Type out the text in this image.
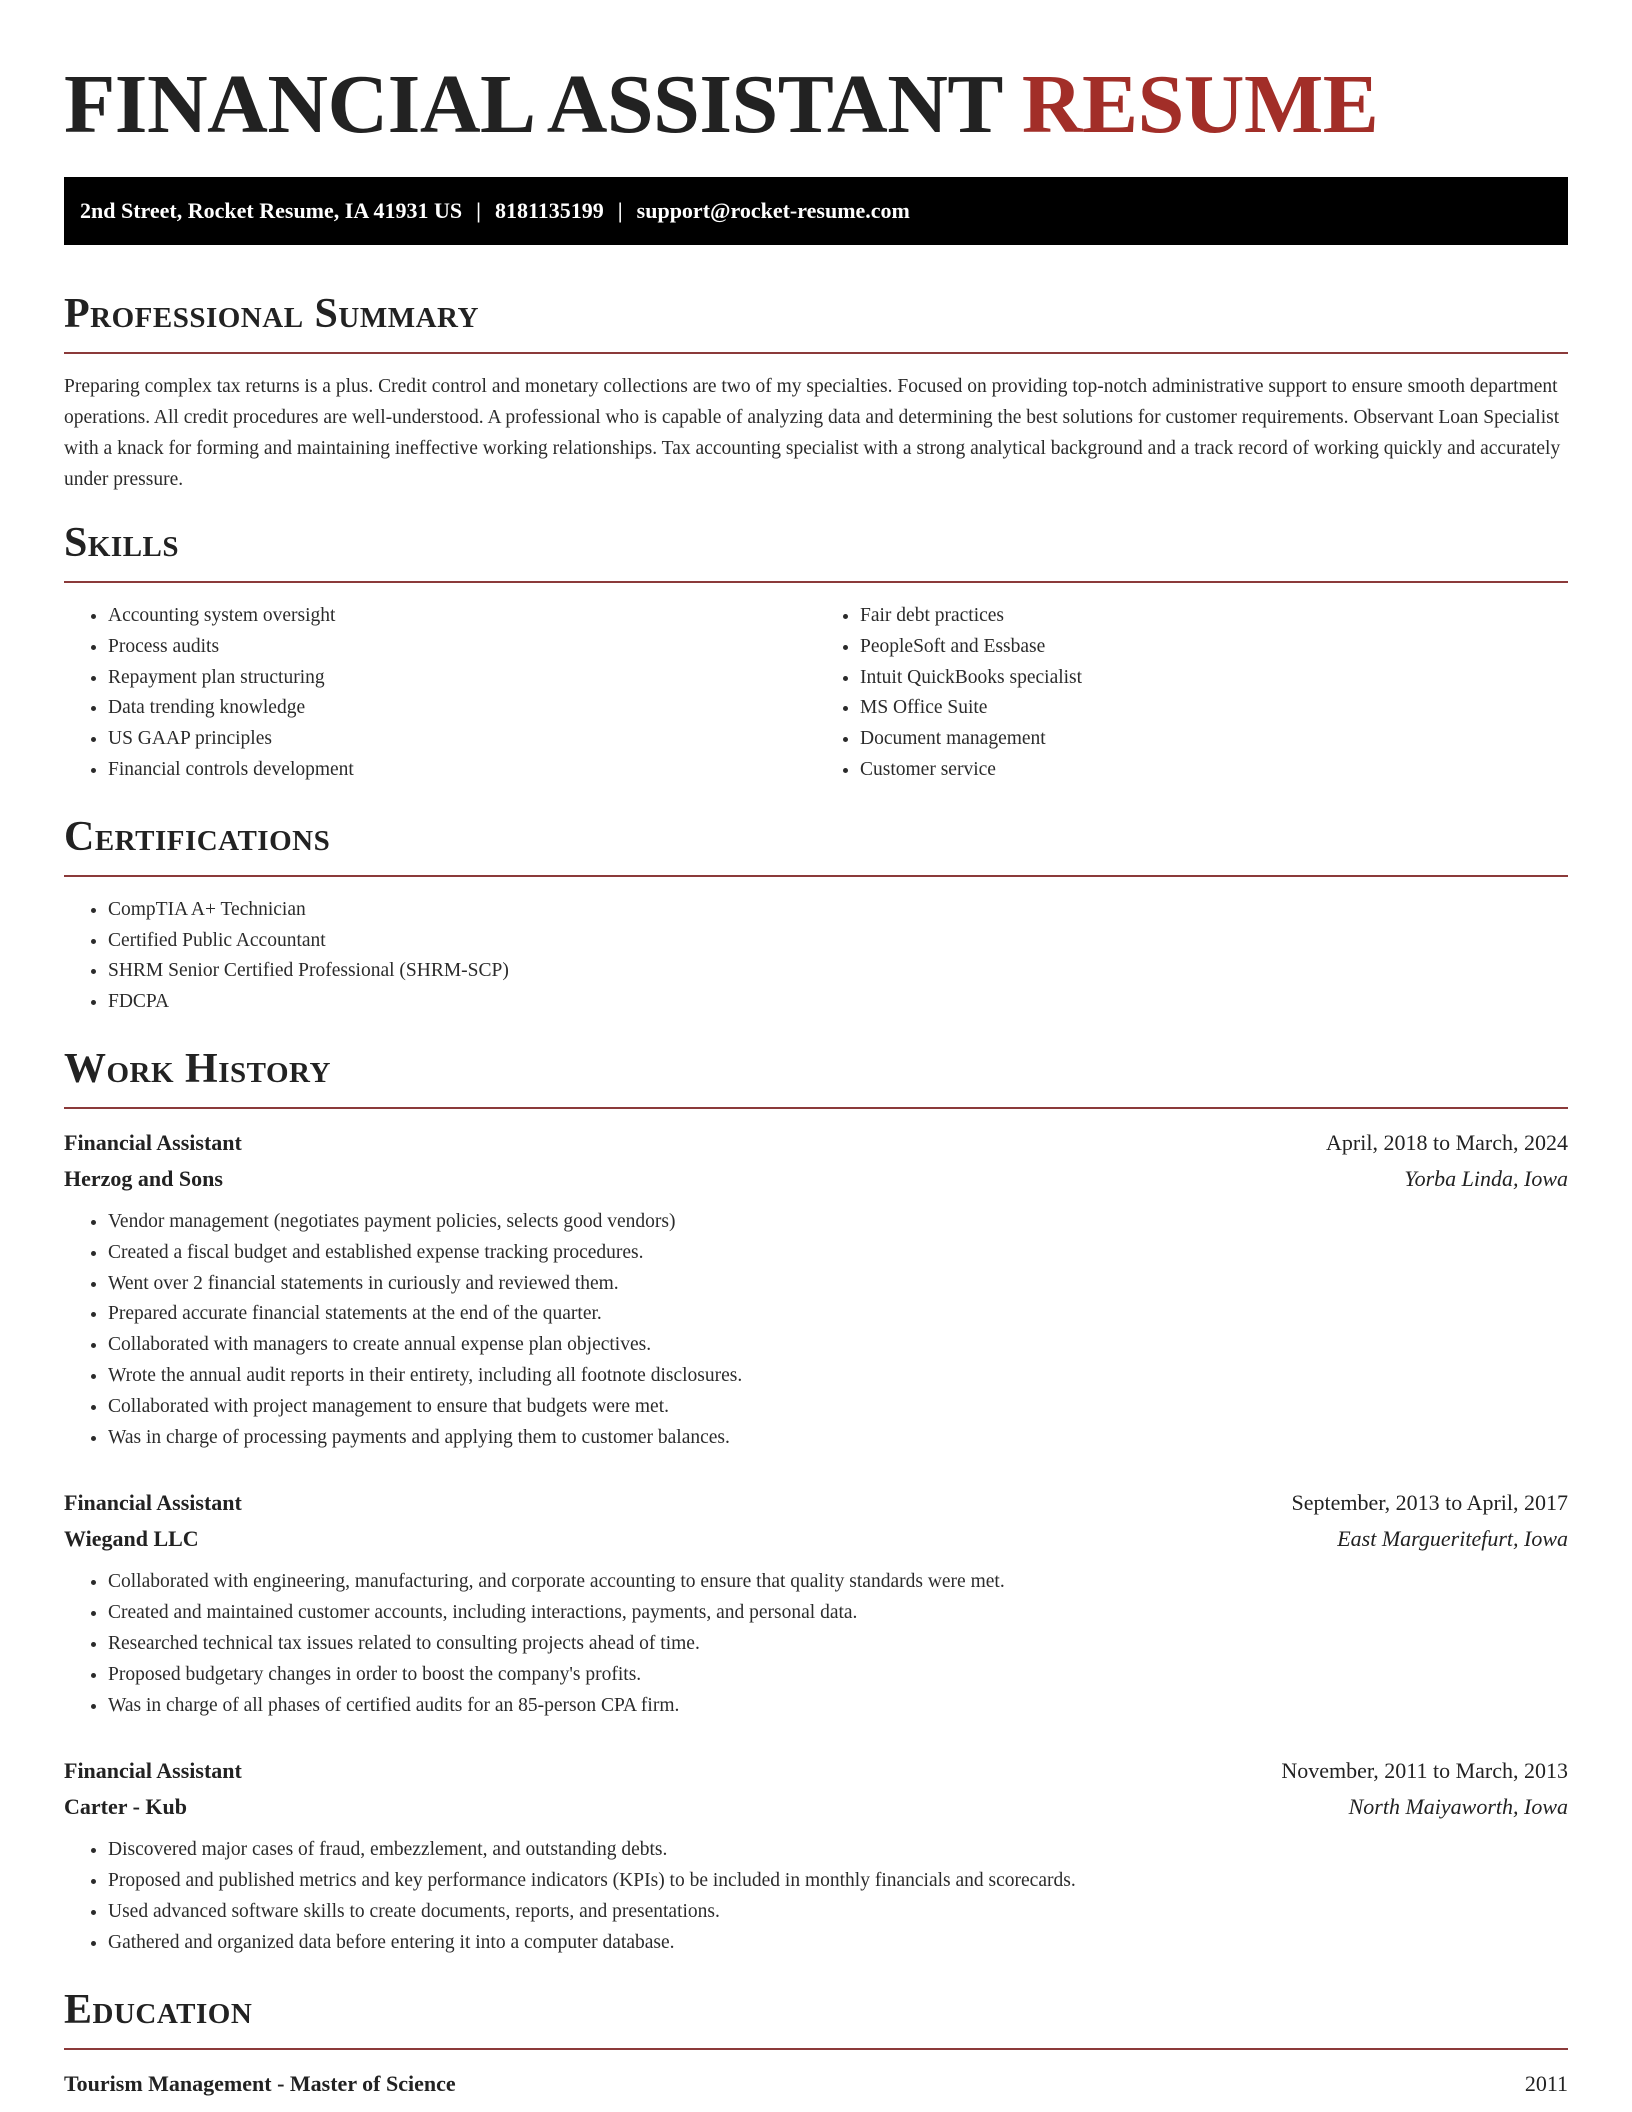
FINANCIAL ASSISTANT RESUME
2nd Street, Rocket Resume, IA 41931 US | 8181135199 | support@rocket-resume.com
Professional Summary

Preparing complex tax returns is a plus. Credit control and monetary collections are two of my specialties. Focused on providing top-notch administrative support to ensure smooth department operations. All credit procedures are well-understood. A professional who is capable of analyzing data and determining the best solutions for customer requirements. Observant Loan Specialist with a knack for forming and maintaining ineffective working relationships. Tax accounting specialist with a strong analytical background and a track record of working quickly and accurately under pressure.

Skills
• Accounting system oversight
• Process audits
• Repayment plan structuring
• Data trending knowledge
• US GAAP principles
• Financial controls development
• Fair debt practices
• PeopleSoft and Essbase
• Intuit QuickBooks specialist
• MS Office Suite
• Document management
• Customer service
Certifications
• CompTIA A+ Technician
• Certified Public Accountant
• SHRM Senior Certified Professional (SHRM-SCP)
• FDCPA
Work History
Financial Assistant	April, 2018 to March, 2024
Herzog and Sons	Yorba Linda, Iowa
• Vendor management (negotiates payment policies, selects good vendors)
• Created a fiscal budget and established expense tracking procedures.
• Went over 2 financial statements in curiously and reviewed them.
• Prepared accurate financial statements at the end of the quarter.
• Collaborated with managers to create annual expense plan objectives.
• Wrote the annual audit reports in their entirety, including all footnote disclosures.
• Collaborated with project management to ensure that budgets were met.
• Was in charge of processing payments and applying them to customer balances.
Financial Assistant	September, 2013 to April, 2017
Wiegand LLC	East Margueritefurt, Iowa
• Collaborated with engineering, manufacturing, and corporate accounting to ensure that quality standards were met.
• Created and maintained customer accounts, including interactions, payments, and personal data.
• Researched technical tax issues related to consulting projects ahead of time.
• Proposed budgetary changes in order to boost the company's profits.
• Was in charge of all phases of certified audits for an 85-person CPA firm.
Financial Assistant	November, 2011 to March, 2013
Carter - Kub	North Maiyaworth, Iowa
• Discovered major cases of fraud, embezzlement, and outstanding debts.
• Proposed and published metrics and key performance indicators (KPIs) to be included in monthly financials and scorecards.
• Used advanced software skills to create documents, reports, and presentations.
• Gathered and organized data before entering it into a computer database.
Education
Tourism Management - Master of Science	2011
